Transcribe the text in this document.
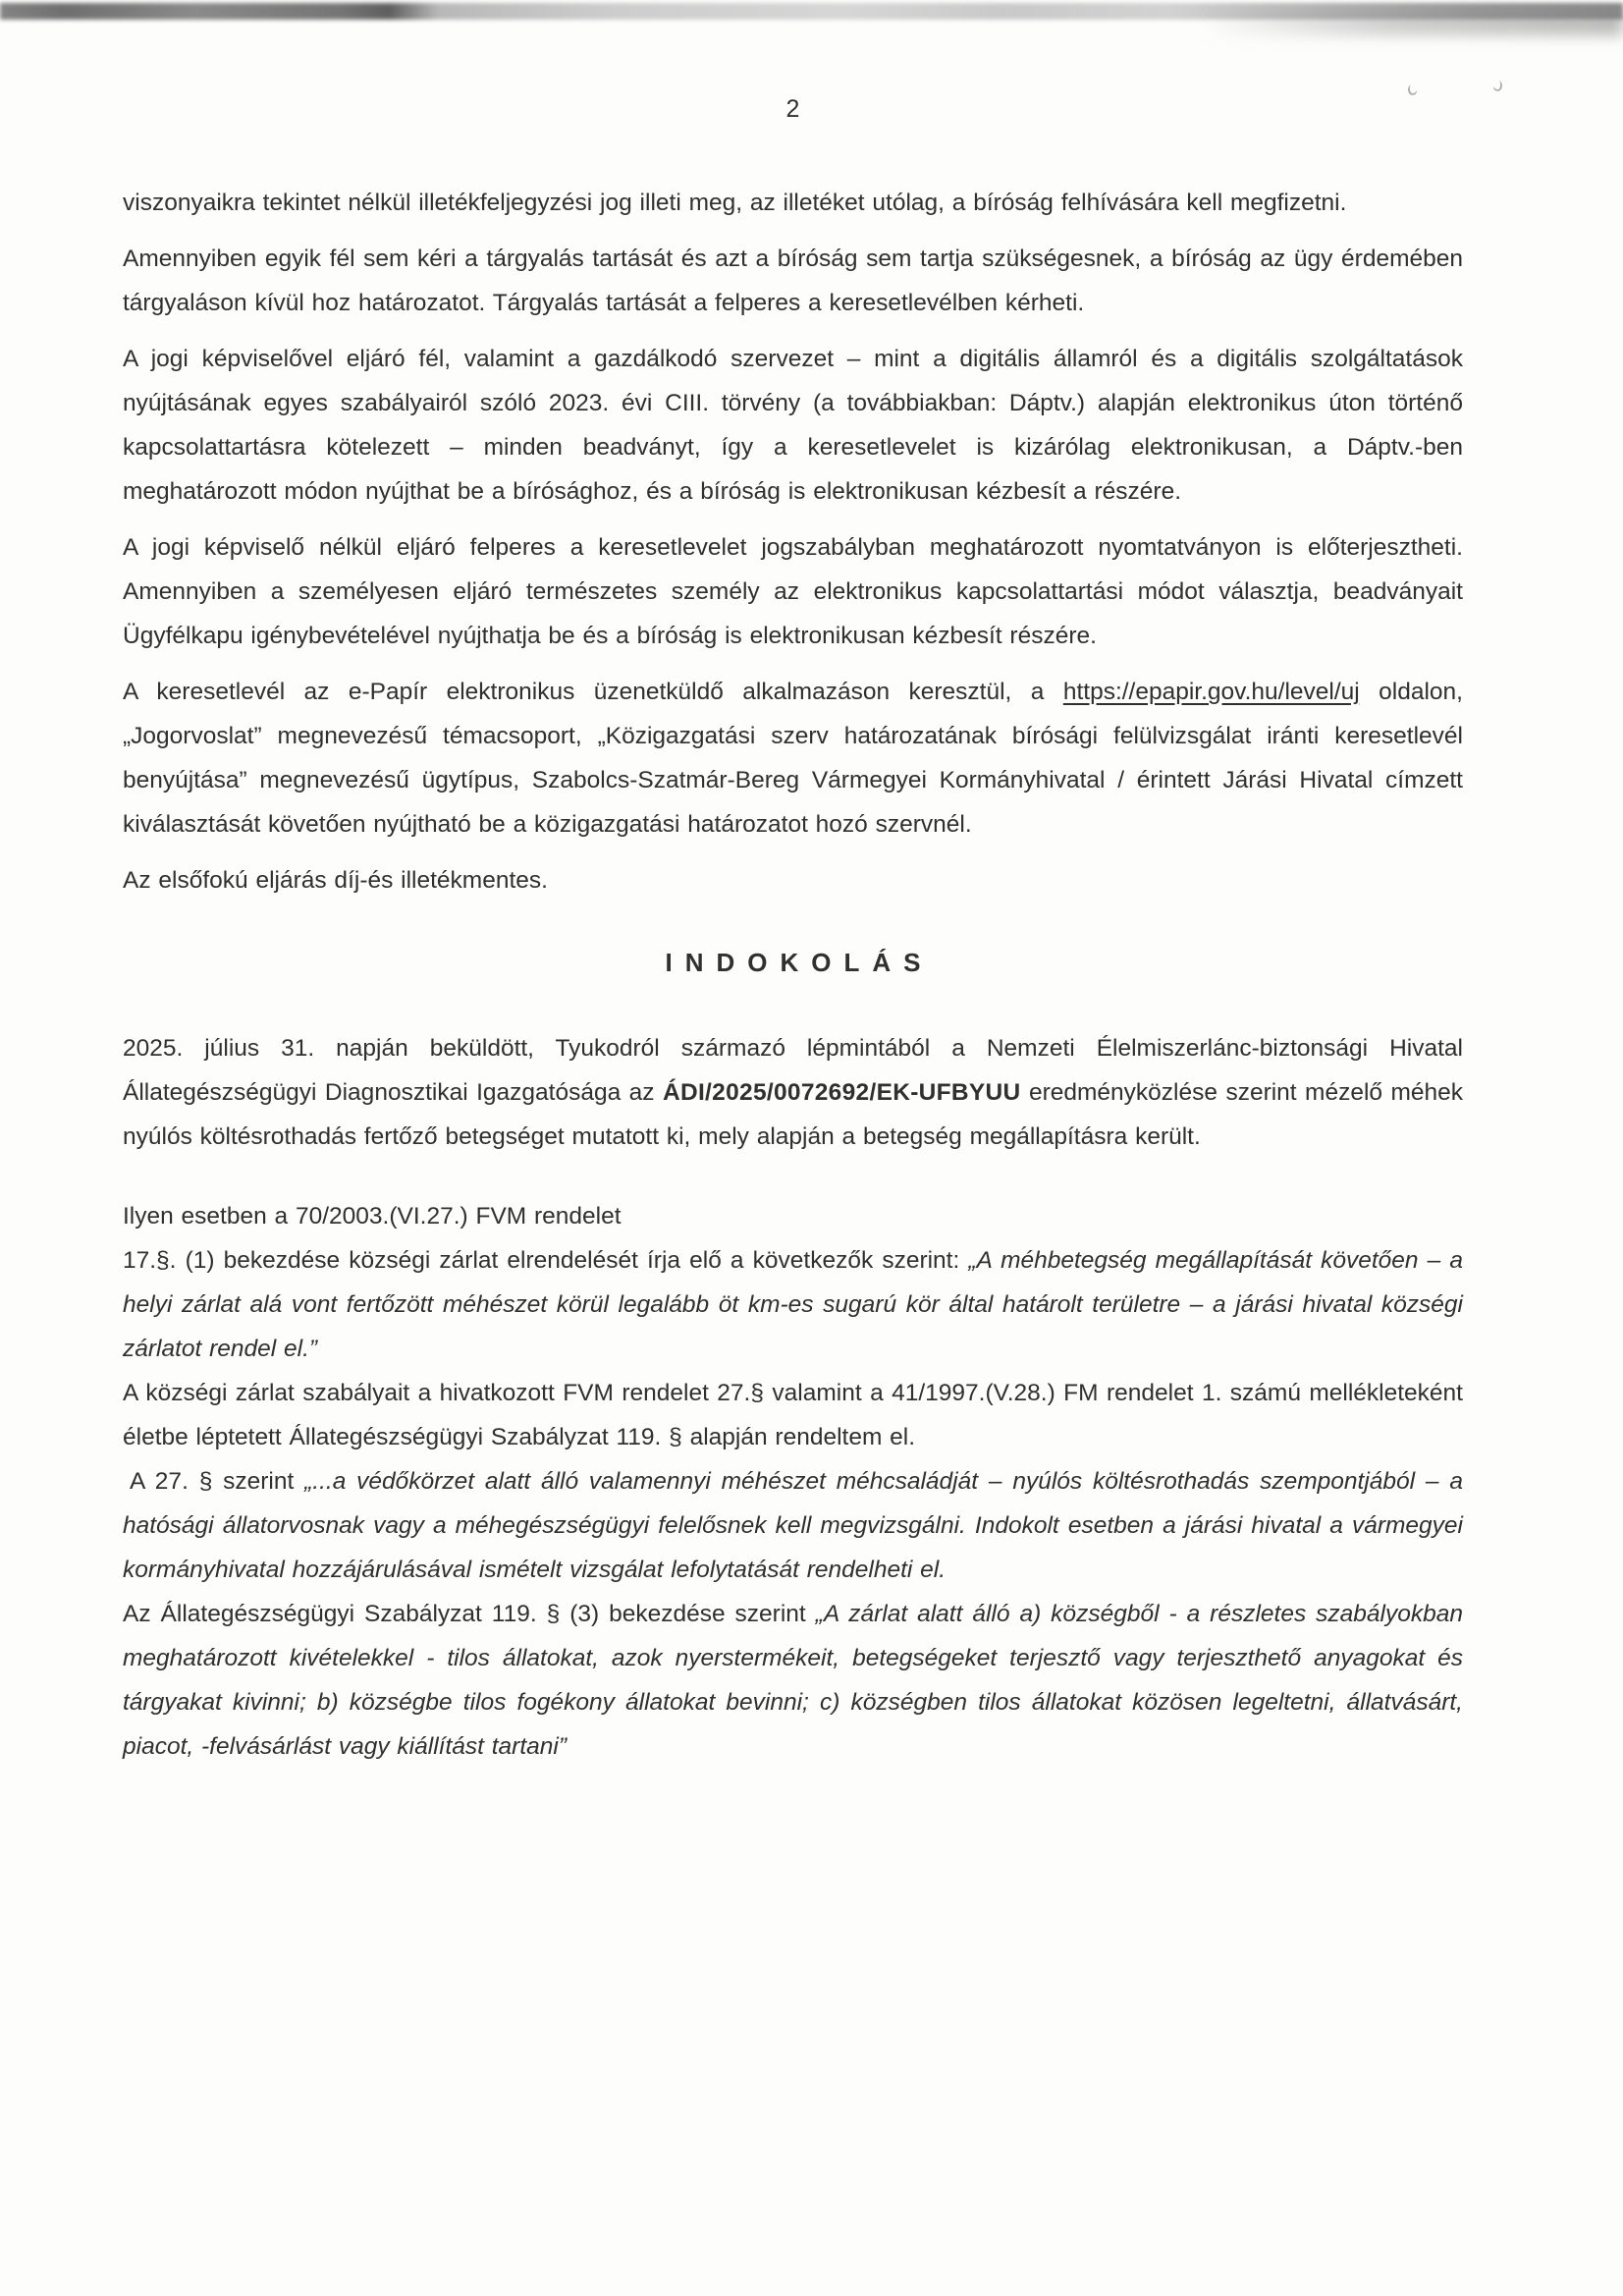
2

viszonyaikra tekintet nélkül illetékfeljegyzési jog illeti meg, az illetéket utólag, a bíróság felhívására kell megfizetni.

Amennyiben egyik fél sem kéri a tárgyalás tartását és azt a bíróság sem tartja szükségesnek, a bíróság az ügy érdemében tárgyaláson kívül hoz határozatot. Tárgyalás tartását a felperes a keresetlevélben kérheti.

A jogi képviselővel eljáró fél, valamint a gazdálkodó szervezet – mint a digitális államról és a digitális szolgáltatások nyújtásának egyes szabályairól szóló 2023. évi CIII. törvény (a továbbiakban: Dáptv.) alapján elektronikus úton történő kapcsolattartásra kötelezett – minden beadványt, így a keresetlevelet is kizárólag elektronikusan, a Dáptv.-ben meghatározott módon nyújthat be a bírósághoz, és a bíróság is elektronikusan kézbesít a részére.

A jogi képviselő nélkül eljáró felperes a keresetlevelet jogszabályban meghatározott nyomtatványon is előterjesztheti. Amennyiben a személyesen eljáró természetes személy az elektronikus kapcsolattartási módot választja, beadványait Ügyfélkapu igénybevételével nyújthatja be és a bíróság is elektronikusan kézbesít részére.

A keresetlevél az e-Papír elektronikus üzenetküldő alkalmazáson keresztül, a https://epapir.gov.hu/level/uj oldalon, „Jogorvoslat” megnevezésű témacsoport, „Közigazgatási szerv határozatának bírósági felülvizsgálat iránti keresetlevél benyújtása” megnevezésű ügytípus, Szabolcs-Szatmár-Bereg Vármegyei Kormányhivatal / érintett Járási Hivatal címzett kiválasztását követően nyújtható be a közigazgatási határozatot hozó szervnél.

Az elsőfokú eljárás díj-és illetékmentes.

INDOKOLÁS

2025. július 31. napján beküldött, Tyukodról származó lépmintából a Nemzeti Élelmiszerlánc-biztonsági Hivatal Állategészségügyi Diagnosztikai Igazgatósága az ÁDI/2025/0072692/EK-UFBYUU eredményközlése szerint mézelő méhek nyúlós költésrothadás fertőző betegséget mutatott ki, mely alapján a betegség megállapításra került.

Ilyen esetben a 70/2003.(VI.27.) FVM rendelet

17.§. (1) bekezdése községi zárlat elrendelését írja elő a következők szerint: „A méhbetegség megállapítását követően – a helyi zárlat alá vont fertőzött méhészet körül legalább öt km-es sugarú kör által határolt területre – a járási hivatal községi zárlatot rendel el.”

A községi zárlat szabályait a hivatkozott FVM rendelet 27.§ valamint a 41/1997.(V.28.) FM rendelet 1. számú mellékleteként életbe léptetett Állategészségügyi Szabályzat 119. § alapján rendeltem el.

A 27. § szerint „...a védőkörzet alatt álló valamennyi méhészet méhcsaládját – nyúlós költésrothadás szempontjából – a hatósági állatorvosnak vagy a méhegészségügyi felelősnek kell megvizsgálni. Indokolt esetben a járási hivatal a vármegyei kormányhivatal hozzájárulásával ismételt vizsgálat lefolytatását rendelheti el.

Az Állategészségügyi Szabályzat 119. § (3) bekezdése szerint „A zárlat alatt álló a) községből - a részletes szabályokban meghatározott kivételekkel - tilos állatokat, azok nyerstermékeit, betegségeket terjesztő vagy terjeszthető anyagokat és tárgyakat kivinni; b) községbe tilos fogékony állatokat bevinni; c) községben tilos állatokat közösen legeltetni, állatvásárt, piacot, -felvásárlást vagy kiállítást tartani”
